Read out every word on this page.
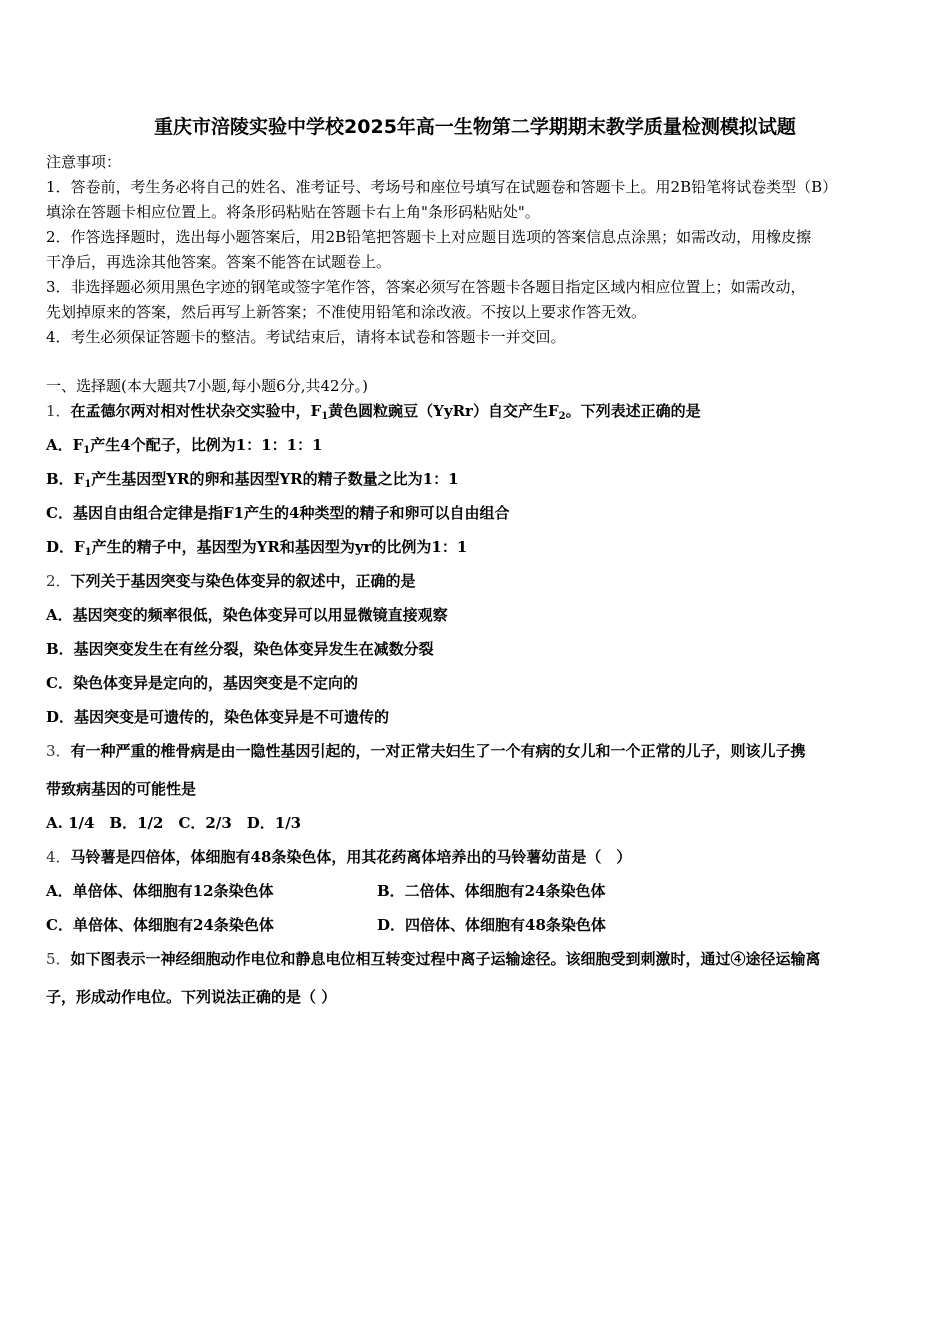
重庆市涪陵实验中学校2025年高一生物第二学期期末教学质量检测模拟试题
注意事项：
1．答卷前，考生务必将自己的姓名、准考证号、考场号和座位号填写在试题卷和答题卡上。用2B铅笔将试卷类型（B）
填涂在答题卡相应位置上。将条形码粘贴在答题卡右上角"条形码粘贴处"。
2．作答选择题时，选出每小题答案后，用2B铅笔把答题卡上对应题目选项的答案信息点涂黑；如需改动，用橡皮擦
干净后，再选涂其他答案。答案不能答在试题卷上。
3．非选择题必须用黑色字迹的钢笔或签字笔作答，答案必须写在答题卡各题目指定区域内相应位置上；如需改动，
先划掉原来的答案，然后再写上新答案；不准使用铅笔和涂改液。不按以上要求作答无效。
4．考生必须保证答题卡的整洁。考试结束后，请将本试卷和答题卡一并交回。
一、选择题(本大题共7小题,每小题6分,共42分。)
1．在孟德尔两对相对性状杂交实验中，$F_1$黄色圆粒豌豆（YyRr）自交产生$F_2$。下列表述正确的是
A．$F_1$产生4个配子，比例为1：1：1：1
B．$F_1$产生基因型YR的卵和基因型YR的精子数量之比为1：1
C．基因自由组合定律是指F1产生的4种类型的精子和卵可以自由组合
D．$F_1$产生的精子中，基因型为YR和基因型为yr的比例为1：1
2．下列关于基因突变与染色体变异的叙述中，正确的是
A．基因突变的频率很低，染色体变异可以用显微镜直接观察
B．基因突变发生在有丝分裂，染色体变异发生在减数分裂
C．染色体变异是定向的，基因突变是不定向的
D．基因突变是可遗传的，染色体变异是不可遗传的
3．有一种严重的椎骨病是由一隐性基因引起的，一对正常夫妇生了一个有病的女儿和一个正常的儿子，则该儿子携
带致病基因的可能性是
A. 1/4　B．1/2　C．2/3　D．1/3
4．马铃薯是四倍体，体细胞有48条染色体，用其花药离体培养出的马铃薯幼苗是（　）
A．单倍体、体细胞有12条染色体	B．二倍体、体细胞有24条染色体
C．单倍体、体细胞有24条染色体	D．四倍体、体细胞有48条染色体
5．如下图表示一神经细胞动作电位和静息电位相互转变过程中离子运输途径。该细胞受到刺激时，通过④途径运输离
子，形成动作电位。下列说法正确的是（ ）
